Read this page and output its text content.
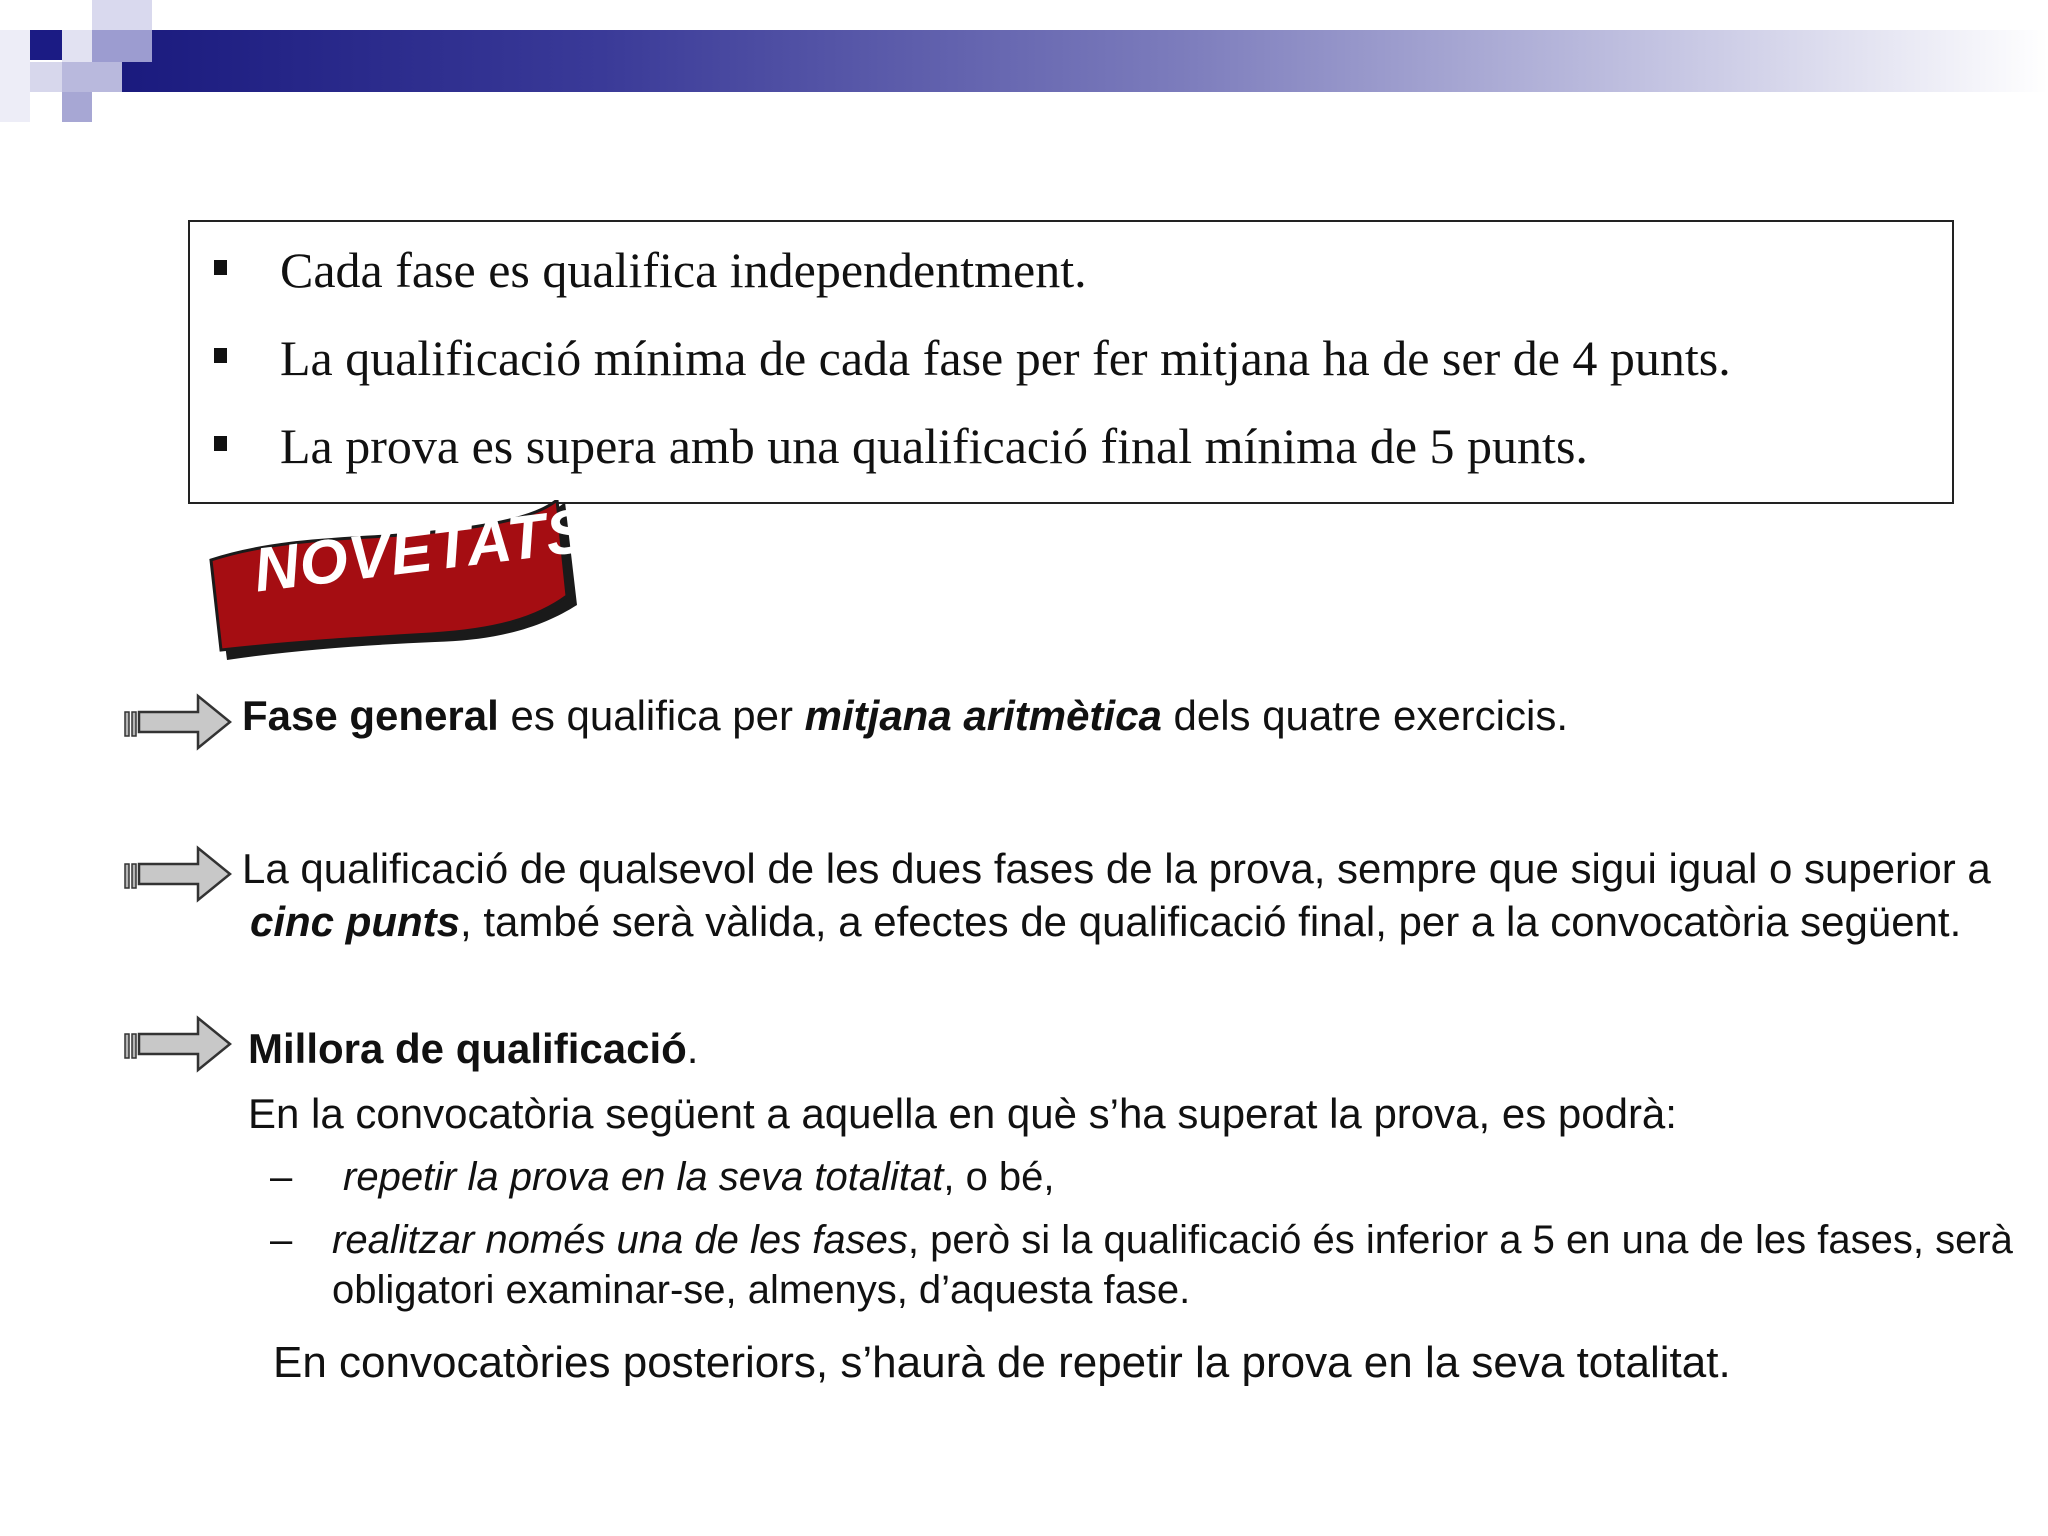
Cada fase es qualifica independentment.
La qualificació mínima de cada fase per fer mitjana ha de ser de 4 punts.
La prova es supera amb una qualificació final mínima de 5 punts.
NOVETATS
Fase general es qualifica per mitjana aritmètica dels quatre exercicis.
La qualificació de qualsevol de les dues fases de la prova, sempre que sigui igual o superior a
cinc punts, també serà vàlida, a efectes de qualificació final, per a la convocatòria següent.
Millora de qualificació.
En la convocatòria següent a aquella en què s’ha superat la prova, es podrà:
– repetir la prova en la seva totalitat, o bé,
– realitzar només una de les fases, però si la qualificació és inferior a 5 en una de les fases, serà
obligatori examinar-se, almenys, d’aquesta fase.
En convocatòries posteriors, s’haurà de repetir la prova en la seva totalitat.
